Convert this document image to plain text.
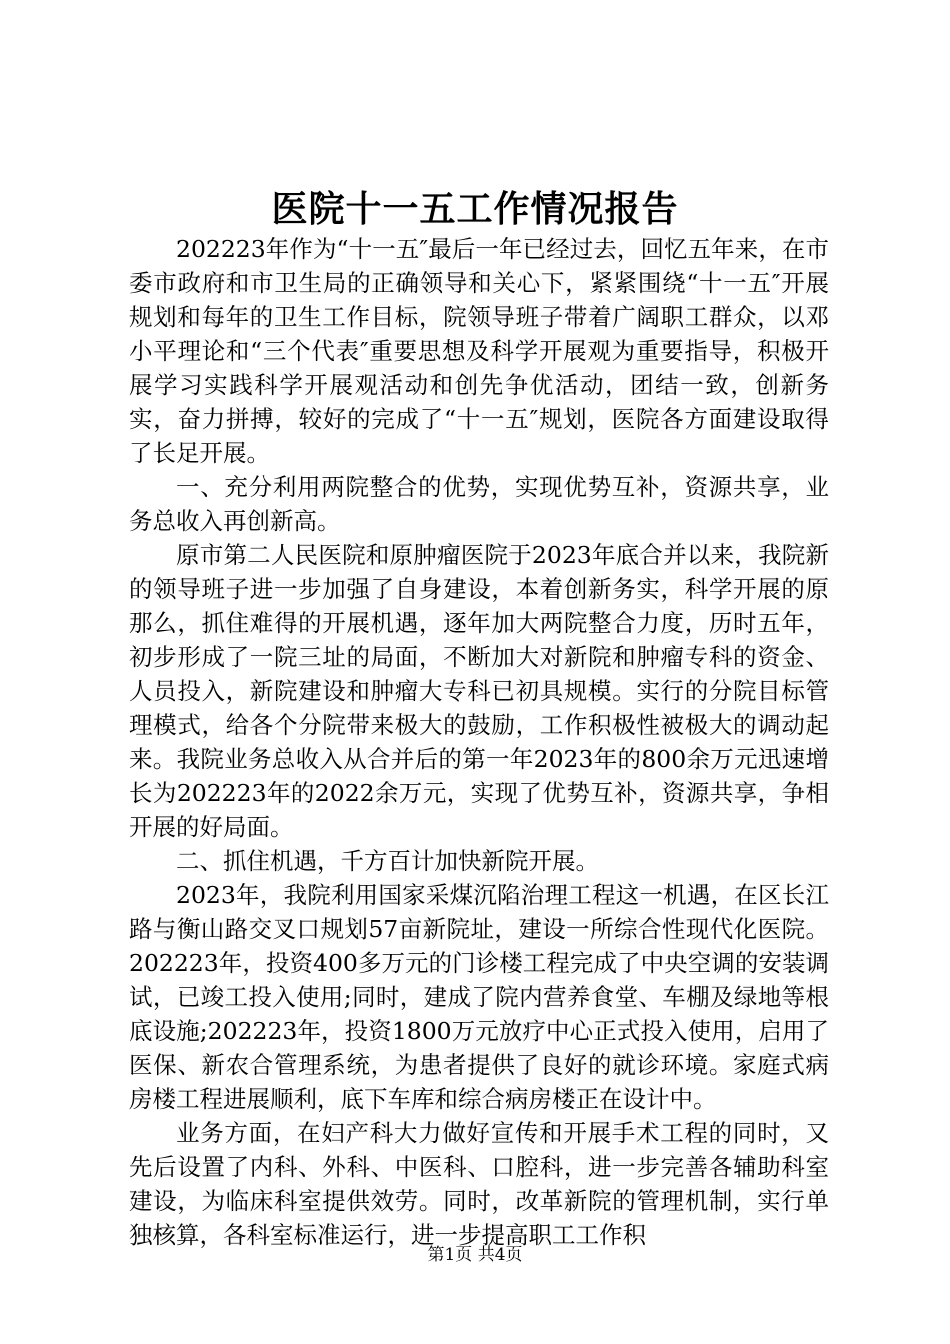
医院十一五工作情况报告

202223年作为“十一五″最后一年已经过去，回忆五年来，在市委市政府和市卫生局的正确领导和关心下，紧紧围绕“十一五″开展规划和每年的卫生工作目标，院领导班子带着广阔职工群众，以邓小平理论和“三个代表″重要思想及科学开展观为重要指导，积极开展学习实践科学开展观活动和创先争优活动，团结一致，创新务实，奋力拼搏，较好的完成了“十一五″规划，医院各方面建设取得了长足开展。

一、充分利用两院整合的优势，实现优势互补，资源共享，业务总收入再创新高。

原市第二人民医院和原肿瘤医院于2023年底合并以来，我院新的领导班子进一步加强了自身建设，本着创新务实，科学开展的原那么，抓住难得的开展机遇，逐年加大两院整合力度，历时五年，初步形成了一院三址的局面，不断加大对新院和肿瘤专科的资金、人员投入，新院建设和肿瘤大专科已初具规模。实行的分院目标管理模式，给各个分院带来极大的鼓励，工作积极性被极大的调动起来。我院业务总收入从合并后的第一年2023年的800余万元迅速增长为202223年的2022余万元，实现了优势互补，资源共享，争相开展的好局面。

二、抓住机遇，千方百计加快新院开展。

2023年，我院利用国家采煤沉陷治理工程这一机遇，在区长江路与衡山路交叉口规划57亩新院址，建设一所综合性现代化医院。202223年，投资400多万元的门诊楼工程完成了中央空调的安装调试，已竣工投入使用;同时，建成了院内营养食堂、车棚及绿地等根底设施;202223年，投资1800万元放疗中心正式投入使用，启用了医保、新农合管理系统，为患者提供了良好的就诊环境。家庭式病房楼工程进展顺利，底下车库和综合病房楼正在设计中。

业务方面，在妇产科大力做好宣传和开展手术工程的同时，又先后设置了内科、外科、中医科、口腔科，进一步完善各辅助科室建设，为临床科室提供效劳。同时，改革新院的管理机制，实行单独核算，各科室标准运行，进一步提高职工工作积

第1页 共4页
